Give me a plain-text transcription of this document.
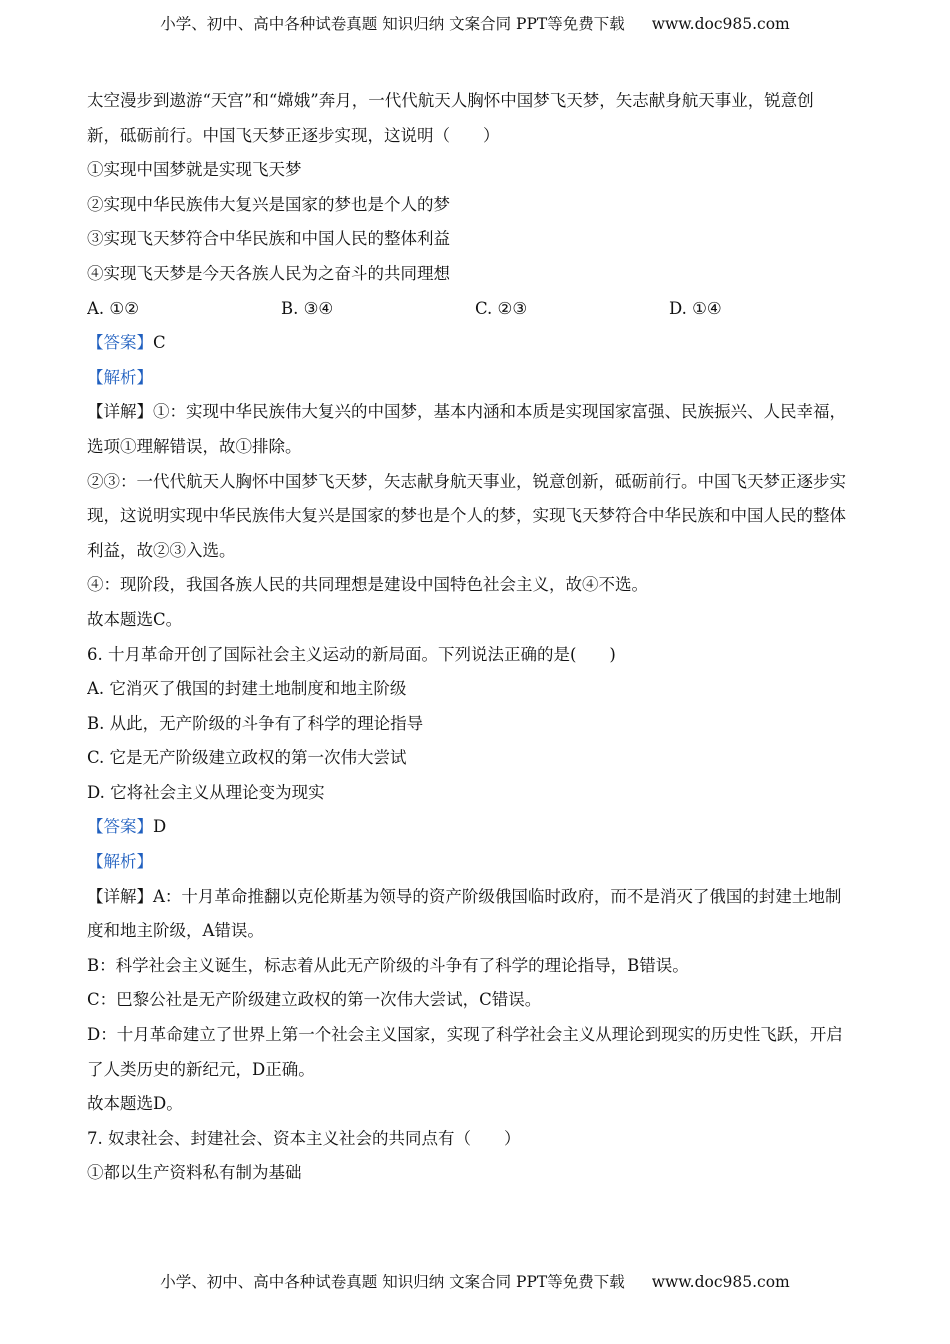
小学、初中、高中各种试卷真题 知识归纳 文案合同 PPT等免费下载 www.doc985.com
太空漫步到遨游“天宫”和“嫦娥”奔月，一代代航天人胸怀中国梦飞天梦，矢志献身航天事业，锐意创
新，砥砺前行。中国飞天梦正逐步实现，这说明（　　）
①实现中国梦就是实现飞天梦
②实现中华民族伟大复兴是国家的梦也是个人的梦
③实现飞天梦符合中华民族和中国人民的整体利益
④实现飞天梦是今天各族人民为之奋斗的共同理想
A. ①②	B. ③④	C. ②③	D. ①④
【答案】C
【解析】
【详解】①：实现中华民族伟大复兴的中国梦，基本内涵和本质是实现国家富强、民族振兴、人民幸福，
选项①理解错误，故①排除。
②③：一代代航天人胸怀中国梦飞天梦，矢志献身航天事业，锐意创新，砥砺前行。中国飞天梦正逐步实
现，这说明实现中华民族伟大复兴是国家的梦也是个人的梦，实现飞天梦符合中华民族和中国人民的整体
利益，故②③入选。
④：现阶段，我国各族人民的共同理想是建设中国特色社会主义，故④不选。
故本题选C。
6. 十月革命开创了国际社会主义运动的新局面。下列说法正确的是(　　)
A. 它消灭了俄国的封建土地制度和地主阶级
B. 从此，无产阶级的斗争有了科学的理论指导
C. 它是无产阶级建立政权的第一次伟大尝试
D. 它将社会主义从理论变为现实
【答案】D
【解析】
【详解】A：十月革命推翻以克伦斯基为领导的资产阶级俄国临时政府，而不是消灭了俄国的封建土地制
度和地主阶级，A错误。
B：科学社会主义诞生，标志着从此无产阶级的斗争有了科学的理论指导，B错误。
C：巴黎公社是无产阶级建立政权的第一次伟大尝试，C错误。
D：十月革命建立了世界上第一个社会主义国家，实现了科学社会主义从理论到现实的历史性飞跃，开启
了人类历史的新纪元，D正确。
故本题选D。
7. 奴隶社会、封建社会、资本主义社会的共同点有（　　）
①都以生产资料私有制为基础
小学、初中、高中各种试卷真题 知识归纳 文案合同 PPT等免费下载 www.doc985.com
